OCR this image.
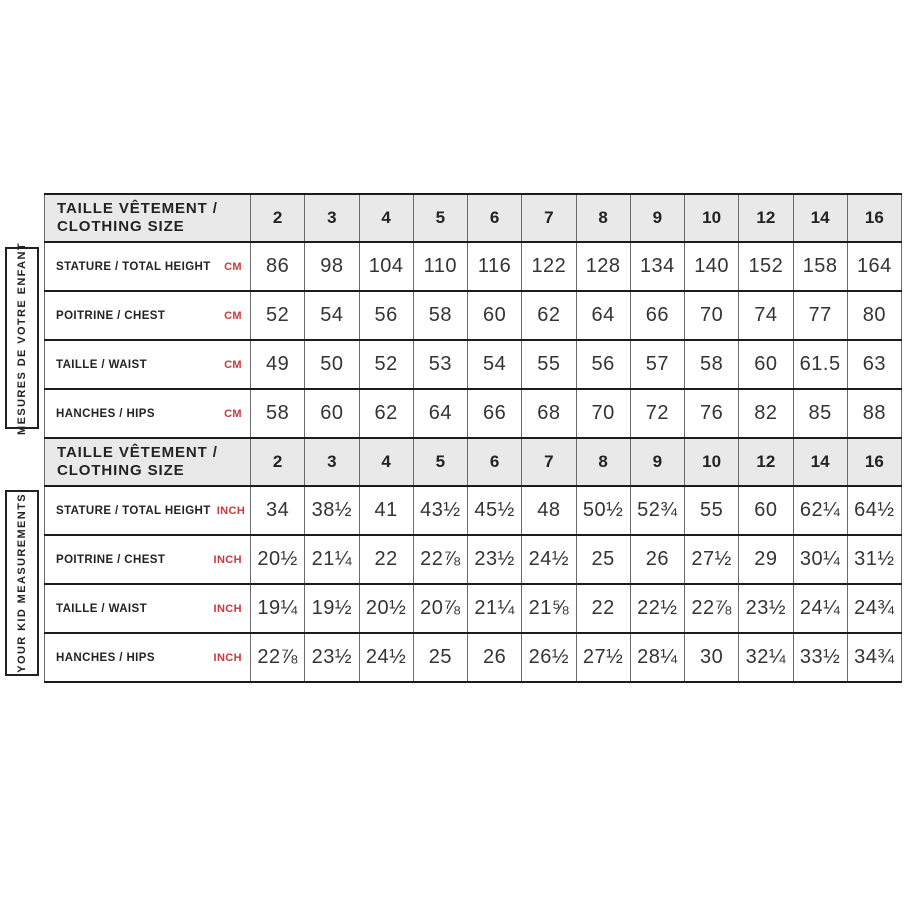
MESURES DE VOTRE ENFANT
YOUR KID MEASUREMENTS
TAILLE VÊTEMENT /
CLOTHING SIZE	2	3	4	5	6	7	8	9	10	12	14	16

STATURE / TOTAL HEIGHT CM	86	98	104	110	116	122	128	134	140	152	158	164

POITRINE / CHEST CM	52	54	56	58	60	62	64	66	70	74	77	80

TAILLE / WAIST CM	49	50	52	53	54	55	56	57	58	60	61.5	63

HANCHES / HIPS CM	58	60	62	64	66	68	70	72	76	82	85	88

TAILLE VÊTEMENT /
CLOTHING SIZE	2	3	4	5	6	7	8	9	10	12	14	16

STATURE / TOTAL HEIGHT INCH	34	38½	41	43½	45½	48	50½	52¾	55	60	62¼	64½

POITRINE / CHEST INCH	20½	21¼	22	22⅞	23½	24½	25	26	27½	29	30¼	31½

TAILLE / WAIST INCH	19¼	19½	20½	20⅞	21¼	21⅝	22	22½	22⅞	23½	24¼	24¾

HANCHES / HIPS INCH	22⅞	23½	24½	25	26	26½	27½	28¼	30	32¼	33½	34¾
